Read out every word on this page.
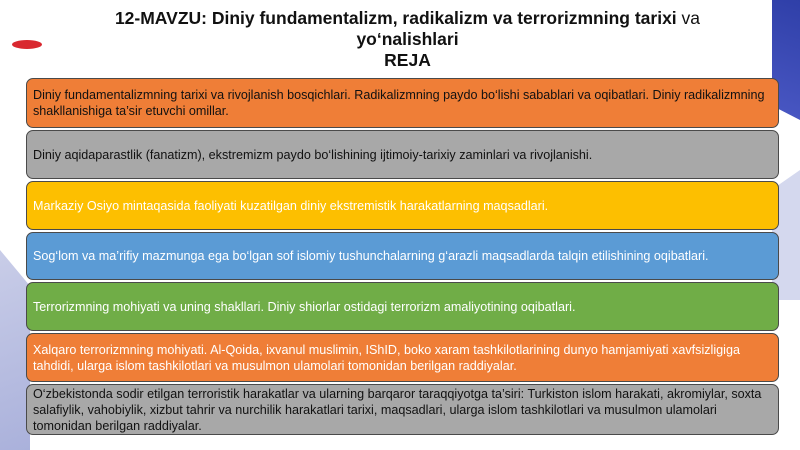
12-MAVZU: Diniy fundamentalizm, radikalizm va terrorizmning tarixi va
yo‘nalishlari
REJA
Diniy fundamentalizmning tarixi va rivojlanish bosqichlari. Radikalizmning paydo bo‘lishi sabablari va oqibatlari. Diniy radikalizmning shakllanishiga ta’sir etuvchi omillar.
Diniy aqidaparastlik (fanatizm), ekstremizm paydo bo‘lishining ijtimoiy-tarixiy zaminlari va rivojlanishi.
Markaziy Osiyo mintaqasida faoliyati kuzatilgan diniy ekstremistik harakatlarning maqsadlari.
Sog‘lom va ma’rifiy mazmunga ega bo‘lgan sof islomiy tushunchalarning g‘arazli maqsadlarda talqin etilishining oqibatlari.
Terrorizmning mohiyati va uning shakllari. Diniy shiorlar ostidagi terrorizm amaliyotining oqibatlari.
Xalqaro terrorizmning mohiyati. Al-Qoida, ixvanul muslimin, IShID, boko xaram tashkilotlarining dunyo hamjamiyati xavfsizligiga tahdidi, ularga islom tashkilotlari va musulmon ulamolari tomonidan berilgan raddiyalar.
O‘zbekistonda sodir etilgan terroristik harakatlar va ularning barqaror taraqqiyotga ta’siri: Turkiston islom harakati, akromiylar, soxta salafiylik, vahobiylik, xizbut tahrir va nurchilik harakatlari tarixi, maqsadlari, ularga islom tashkilotlari va musulmon ulamolari tomonidan berilgan raddiyalar.
